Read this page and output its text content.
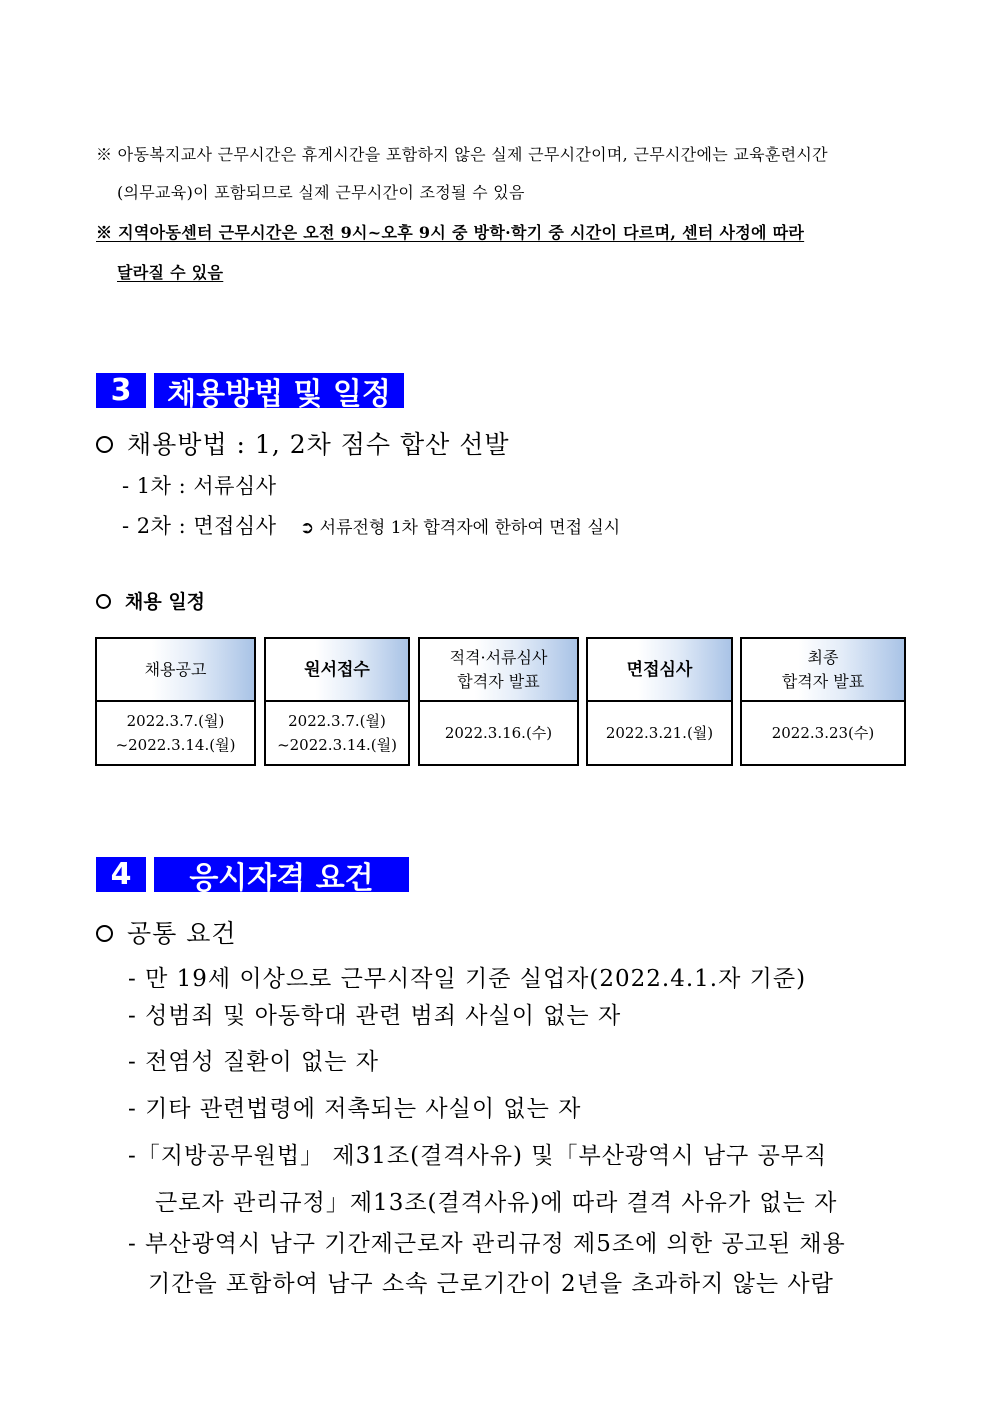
※ 아동복지교사 근무시간은 휴게시간을 포함하지 않은 실제 근무시간이며, 근무시간에는 교육훈련시간
(의무교육)이 포함되므로 실제 근무시간이 조정될 수 있음
※ 지역아동센터 근무시간은 오전 9시~오후 9시 중 방학·학기 중 시간이 다르며, 센터 사정에 따라
달라질 수 있음
3	채용방법 및 일정
채용방법 : 1, 2차 점수 합산 선발
- 1차 : 서류심사
- 2차 : 면접심사 ➲ 서류전형 1차 합격자에 한하여 면접 실시
채용 일정
채용공고
2022.3.7.(월)
~2022.3.14.(월)
원서접수
2022.3.7.(월)
~2022.3.14.(월)
적격·서류심사
합격자 발표
2022.3.16.(수)
면접심사
2022.3.21.(월)
최종
합격자 발표
2022.3.23(수)
4	응시자격 요건
공통 요건
- 만 19세 이상으로 근무시작일 기준 실업자(2022.4.1.자 기준)
- 성범죄 및 아동학대 관련 범죄 사실이 없는 자
- 전염성 질환이 없는 자
- 기타 관련법령에 저촉되는 사실이 없는 자
-「지방공무원법」 제31조(결격사유) 및「부산광역시 남구 공무직
근로자 관리규정」제13조(결격사유)에 따라 결격 사유가 없는 자
- 부산광역시 남구 기간제근로자 관리규정 제5조에 의한 공고된 채용
기간을 포함하여 남구 소속 근로기간이 2년을 초과하지 않는 사람
